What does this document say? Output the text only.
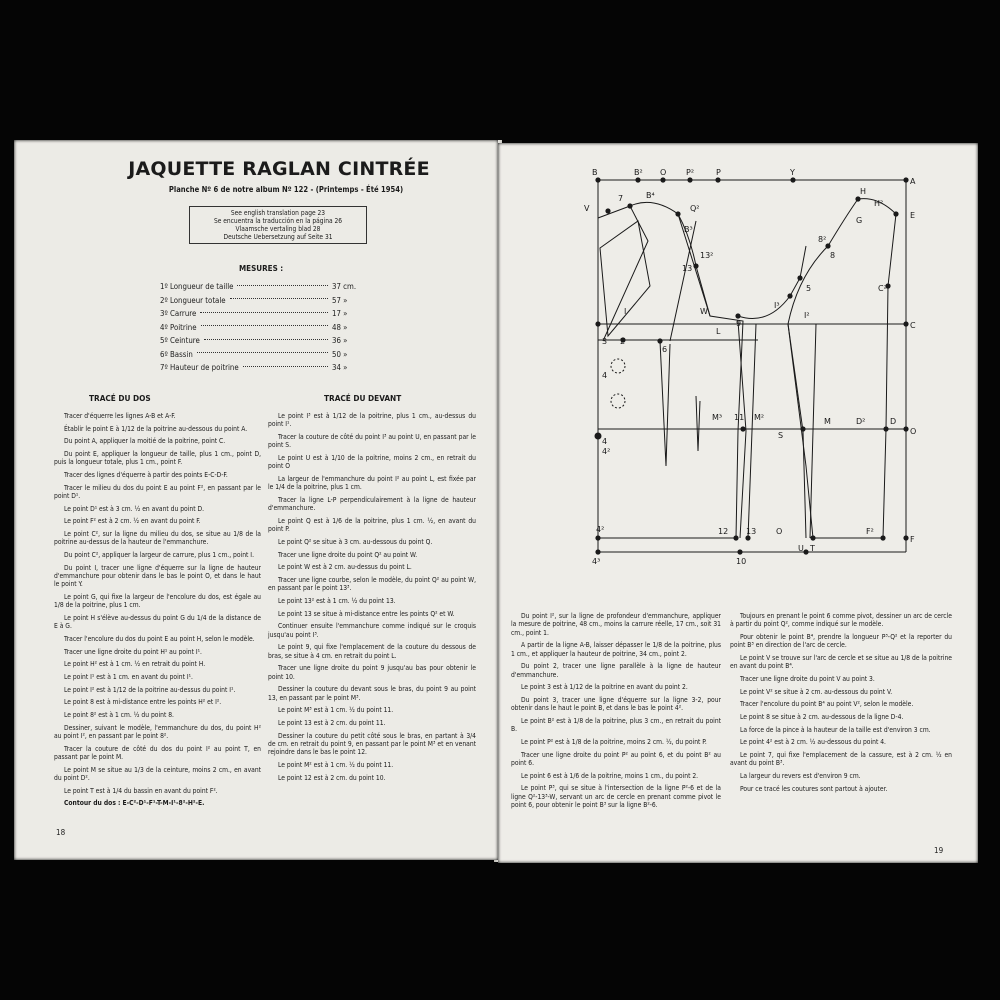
JAQUETTE RAGLAN CINTRÉE
Planche Nº 6 de notre album Nº 122 - (Printemps - Été 1954)
See english translation page 23
Se encuentra la traducción en la página 26
Vlaamsche vertaling blad 28
Deutsche Uebersetzung auf Seite 31
MESURES :
1º Longueur de taille	37 cm.
2º Longueur totale	57 »
3º Carrure	17 »
4º Poitrine	48 »
5º Ceinture	36 »
6º Bassin	50 »
7º Hauteur de poitrine	34 »
TRACÉ DU DOS	TRACÉ DU DEVANT

Tracer d'équerre les lignes A-B et A-F.

Établir le point E à 1/12 de la poitrine au-dessous du point A.

Du point A, appliquer la moitié de la poitrine, point C.

Du point E, appliquer la longueur de taille, plus 1 cm., point D, puis la longueur totale, plus 1 cm., point F.

Tracer des lignes d'équerre à partir des points E-C-D-F.

Tracer le milieu du dos du point E au point F², en passant par le point D¹.

Le point D¹ est à 3 cm. ½ en avant du point D.

Le point F² est à 2 cm. ½ en avant du point F.

Le point C², sur la ligne du milieu du dos, se situe au 1/8 de la poitrine au-dessus de la hauteur de l'emmanchure.

Du point C², appliquer la largeur de carrure, plus 1 cm., point I.

Du point I, tracer une ligne d'équerre sur la ligne de hauteur d'emmanchure pour obtenir dans le bas le point O, et dans le haut le point Y.

Le point G, qui fixe la largeur de l'encolure du dos, est égale au 1/8 de la poitrine, plus 1 cm.

Le point H s'élève au-dessus du point G du 1/4 de la distance de E à G.

Tracer l'encolure du dos du point E au point H, selon le modèle.

Tracer une ligne droite du point H¹ au point I¹.

Le point H² est à 1 cm. ½ en retrait du point H.

Le point I¹ est à 1 cm. en avant du point I¹.

Le point I² est à 1/12 de la poitrine au-dessus du point I¹.

Le point 8 est à mi-distance entre les points H² et I².

Le point 8² est à 1 cm. ½ du point 8.

Dessiner, suivant le modèle, l'emmanchure du dos, du point H² au point I², en passant par le point 8².

Tracer la couture de côté du dos du point I² au point T, en passant par le point M.

Le point M se situe au 1/3 de la ceinture, moins 2 cm., en avant du point D².

Le point T est à 1/4 du bassin en avant du point F².

Contour du dos : E-C²-D¹-F¹-T-M-I¹-8²-H²-E.

Le point I³ est à 1/12 de la poitrine, plus 1 cm., au-dessus du point I¹.

Tracer la couture de côté du point I³ au point U, en passant par le point S.

Le point U est à 1/10 de la poitrine, moins 2 cm., en retrait du point O

La largeur de l'emmanchure du point I² au point L, est fixée par le 1/4 de la poitrine, plus 1 cm.

Tracer la ligne L-P perpendiculairement à la ligne de hauteur d'emmanchure.

Le point Q est à 1/6 de la poitrine, plus 1 cm. ½, en avant du point P.

Le point Q² se situe à 3 cm. au-dessous du point Q.

Tracer une ligne droite du point Q² au point W.

Le point W est à 2 cm. au-dessus du point L.

Tracer une ligne courbe, selon le modèle, du point Q² au point W, en passant par le point 13³.

Le point 13² est à 1 cm. ½ du point 13.

Le point 13 se situe à mi-distance entre les points Q² et W.

Continuer ensuite l'emmanchure comme indiqué sur le croquis jusqu'au point I³.

Le point 9, qui fixe l'emplacement de la couture du dessous de bras, se situe à 4 cm. en retrait du point L.

Tracer une ligne droite du point 9 jusqu'au bas pour obtenir le point 10.

Dessiner la couture du devant sous le bras, du point 9 au point 13, en passant par le point M³.

Le point M³ est à 1 cm. ½ du point 11.

Le point 13 est à 2 cm. du point 11.

Dessiner la couture du petit côté sous le bras, en partant à 3/4 de cm. en retrait du point 9, en passant par le point M³ et en venant rejoindre dans le bas le point 12.

Le point M² est à 1 cm. ½ du point 11.

Le point 12 est à 2 cm. du point 10.

18
B	B² O P²	P	Y
H
A
E
V
7	B⁴
Q²
B³
H²
G
13
13²
8²
8
C²
I	W
L
9
I³
5
I²
C
3 2
6
4
M³ 11 M²
S
M	D²	D
O
4
4²
4²	12 13 O	F²
F
4³	10
U T

Du point I², sur la ligne de profondeur d'emmanchure, appliquer la mesure de poitrine, 48 cm., moins la carrure réelle, 17 cm., soit 31 cm., point 1.

A partir de la ligne A-B, laisser dépasser le 1/8 de la poitrine, plus 1 cm., et appliquer la hauteur de poitrine, 34 cm., point 2.

Du point 2, tracer une ligne parallèle à la ligne de hauteur d'emmanchure.

Le point 3 est à 1/12 de la poitrine en avant du point 2.

Du point 3, tracer une ligne d'équerre sur la ligne 3-2, pour obtenir dans le haut le point B, et dans le bas le point 4².

Le point B² est à 1/8 de la poitrine, plus 3 cm., en retrait du point B.

Le point P² est à 1/8 de la poitrine, moins 2 cm. ½, du point P.

Tracer une ligne droite du point P² au point 6, et du point B² au point 6.

Le point 6 est à 1/6 de la poitrine, moins 1 cm., du point 2.

Le point P³, qui se situe à l'intersection de la ligne P²-6 et de la ligne Q²-13³-W, servant un arc de cercle en prenant comme pivot le point 6, pour obtenir le point B³ sur la ligne B²-6.

Toujours en prenant le point 6 comme pivot, dessiner un arc de cercle à partir du point Q², comme indiqué sur le modèle.

Pour obtenir le point B⁴, prendre la longueur P³-Q² et la reporter du point B³ en direction de l'arc de cercle.

Le point V se trouve sur l'arc de cercle et se situe au 1/8 de la poitrine en avant du point B⁴.

Tracer une ligne droite du point V au point 3.

Le point V² se situe à 2 cm. au-dessous du point V.

Tracer l'encolure du point B⁴ au point V², selon le modèle.

Le point 8 se situe à 2 cm. au-dessous de la ligne D-4.

La force de la pince à la hauteur de la taille est d'environ 3 cm.

Le point 4² est à 2 cm. ½ au-dessous du point 4.

Le point 7, qui fixe l'emplacement de la cassure, est à 2 cm. ½ en avant du point B³.

La largeur du revers est d'environ 9 cm.

Pour ce tracé les coutures sont partout à ajouter.

19
